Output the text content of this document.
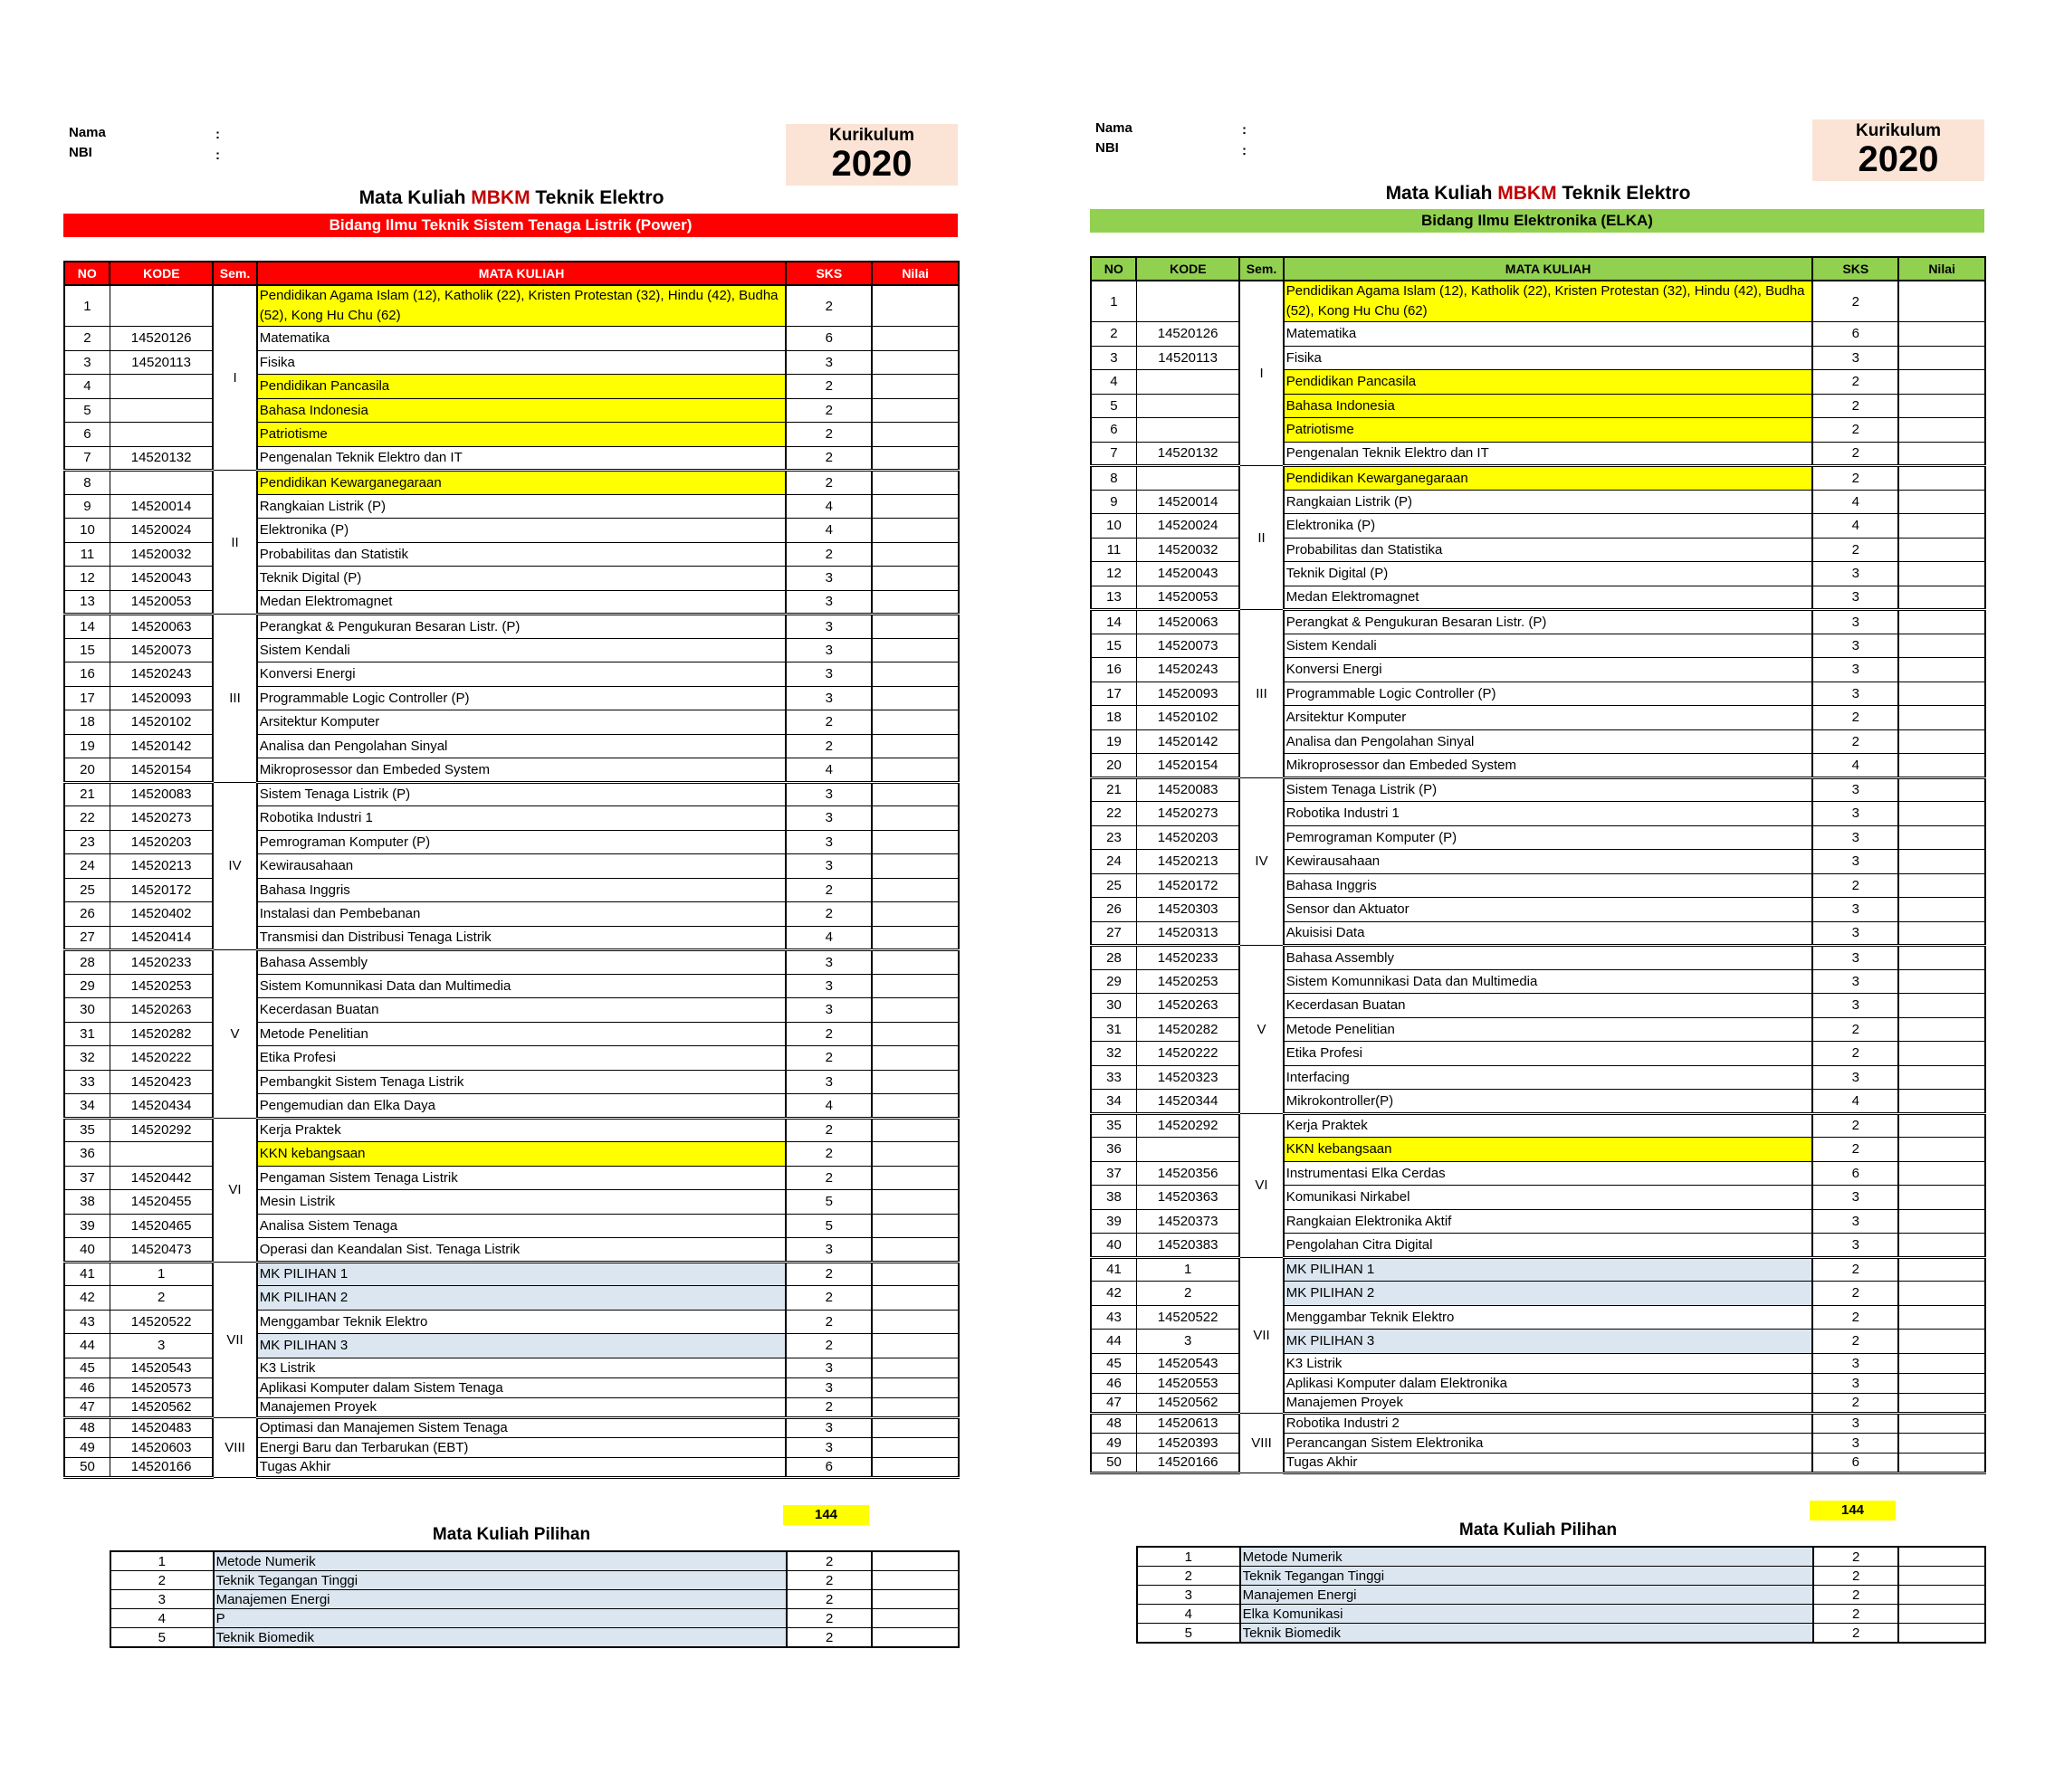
Nama	:
NBI	:
Kurikulum
2020
Mata Kuliah MBKM Teknik Elektro
Bidang Ilmu Teknik Sistem Tenaga Listrik (Power)
NO	KODE	Sem.	MATA KULIAH	SKS	Nilai
1		I	Pendidikan Agama Islam (12), Katholik (22), Kristen Protestan (32), Hindu (42), Budha (52), Kong Hu Chu (62)	2	
2	14520126		Matematika	6	
3	14520113		Fisika	3	
4			Pendidikan Pancasila	2	
5			Bahasa Indonesia	2	
6			Patriotisme	2	
7	14520132		Pengenalan Teknik Elektro dan IT	2	
8		II	Pendidikan Kewarganegaraan	2	
9	14520014		Rangkaian Listrik (P)	4	
10	14520024		Elektronika (P)	4	
11	14520032		Probabilitas dan Statistik	2	
12	14520043		Teknik Digital (P)	3	
13	14520053		Medan Elektromagnet	3	
14	14520063	III	Perangkat & Pengukuran Besaran Listr. (P)	3	
15	14520073		Sistem Kendali	3	
16	14520243		Konversi Energi	3	
17	14520093		Programmable Logic Controller (P)	3	
18	14520102		Arsitektur Komputer	2	
19	14520142		Analisa dan Pengolahan Sinyal	2	
20	14520154		Mikroprosessor dan Embeded System	4	
21	14520083	IV	Sistem Tenaga Listrik (P)	3	
22	14520273		Robotika Industri 1	3	
23	14520203		Pemrograman Komputer (P)	3	
24	14520213		Kewirausahaan	3	
25	14520172		Bahasa Inggris	2	
26	14520402		Instalasi dan Pembebanan	2	
27	14520414		Transmisi dan Distribusi Tenaga Listrik	4	
28	14520233	V	Bahasa Assembly	3	
29	14520253		Sistem Komunnikasi Data dan Multimedia	3	
30	14520263		Kecerdasan Buatan	3	
31	14520282		Metode Penelitian	2	
32	14520222		Etika Profesi	2	
33	14520423		Pembangkit Sistem Tenaga Listrik	3	
34	14520434		Pengemudian dan Elka Daya	4	
35	14520292	VI	Kerja Praktek	2	
36			KKN kebangsaan	2	
37	14520442		Pengaman Sistem Tenaga Listrik	2	
38	14520455		Mesin Listrik	5	
39	14520465		Analisa Sistem Tenaga	5	
40	14520473		Operasi dan Keandalan Sist. Tenaga Listrik	3	
41	1	VII	MK PILIHAN 1	2	
42	2		MK PILIHAN 2	2	
43	14520522		Menggambar Teknik Elektro	2	
44	3		MK PILIHAN 3	2	
45	14520543		K3 Listrik	3	
46	14520573		Aplikasi Komputer dalam Sistem Tenaga	3	
47	14520562		Manajemen Proyek	2	
48	14520483	VIII	Optimasi dan Manajemen Sistem Tenaga	3	
49	14520603		Energi Baru dan Terbarukan (EBT)	3	
50	14520166		Tugas Akhir	6	
144
Mata Kuliah Pilihan
1	Metode Numerik	2	
2	Teknik Tegangan Tinggi	2	
3	Manajemen Energi	2	
4	P	2	
5	Teknik Biomedik	2	
Nama	:
NBI	:
Kurikulum
2020
Mata Kuliah MBKM Teknik Elektro
Bidang Ilmu Elektronika (ELKA)
NO	KODE	Sem.	MATA KULIAH	SKS	Nilai
1		I	Pendidikan Agama Islam (12), Katholik (22), Kristen Protestan (32), Hindu (42), Budha (52), Kong Hu Chu (62)	2	
2	14520126		Matematika	6	
3	14520113		Fisika	3	
4			Pendidikan Pancasila	2	
5			Bahasa Indonesia	2	
6			Patriotisme	2	
7	14520132		Pengenalan Teknik Elektro dan IT	2	
8		II	Pendidikan Kewarganegaraan	2	
9	14520014		Rangkaian Listrik (P)	4	
10	14520024		Elektronika (P)	4	
11	14520032		Probabilitas dan Statistika	2	
12	14520043		Teknik Digital (P)	3	
13	14520053		Medan Elektromagnet	3	
14	14520063	III	Perangkat & Pengukuran Besaran Listr. (P)	3	
15	14520073		Sistem Kendali	3	
16	14520243		Konversi Energi	3	
17	14520093		Programmable Logic Controller (P)	3	
18	14520102		Arsitektur Komputer	2	
19	14520142		Analisa dan Pengolahan Sinyal	2	
20	14520154		Mikroprosessor dan Embeded System	4	
21	14520083	IV	Sistem Tenaga Listrik (P)	3	
22	14520273		Robotika Industri 1	3	
23	14520203		Pemrograman Komputer (P)	3	
24	14520213		Kewirausahaan	3	
25	14520172		Bahasa Inggris	2	
26	14520303		Sensor dan Aktuator	3	
27	14520313		Akuisisi Data	3	
28	14520233	V	Bahasa Assembly	3	
29	14520253		Sistem Komunnikasi Data dan Multimedia	3	
30	14520263		Kecerdasan Buatan	3	
31	14520282		Metode Penelitian	2	
32	14520222		Etika Profesi	2	
33	14520323		Interfacing	3	
34	14520344		Mikrokontroller(P)	4	
35	14520292	VI	Kerja Praktek	2	
36			KKN kebangsaan	2	
37	14520356		Instrumentasi Elka Cerdas	6	
38	14520363		Komunikasi Nirkabel	3	
39	14520373		Rangkaian Elektronika Aktif	3	
40	14520383		Pengolahan Citra Digital	3	
41	1	VII	MK PILIHAN 1	2	
42	2		MK PILIHAN 2	2	
43	14520522		Menggambar Teknik Elektro	2	
44	3		MK PILIHAN 3	2	
45	14520543		K3 Listrik	3	
46	14520553		Aplikasi Komputer dalam Elektronika	3	
47	14520562		Manajemen Proyek	2	
48	14520613	VIII	Robotika Industri 2	3	
49	14520393		Perancangan Sistem Elektronika	3	
50	14520166		Tugas Akhir	6	
144
Mata Kuliah Pilihan
1	Metode Numerik	2	
2	Teknik Tegangan Tinggi	2	
3	Manajemen Energi	2	
4	Elka Komunikasi	2	
5	Teknik Biomedik	2	
